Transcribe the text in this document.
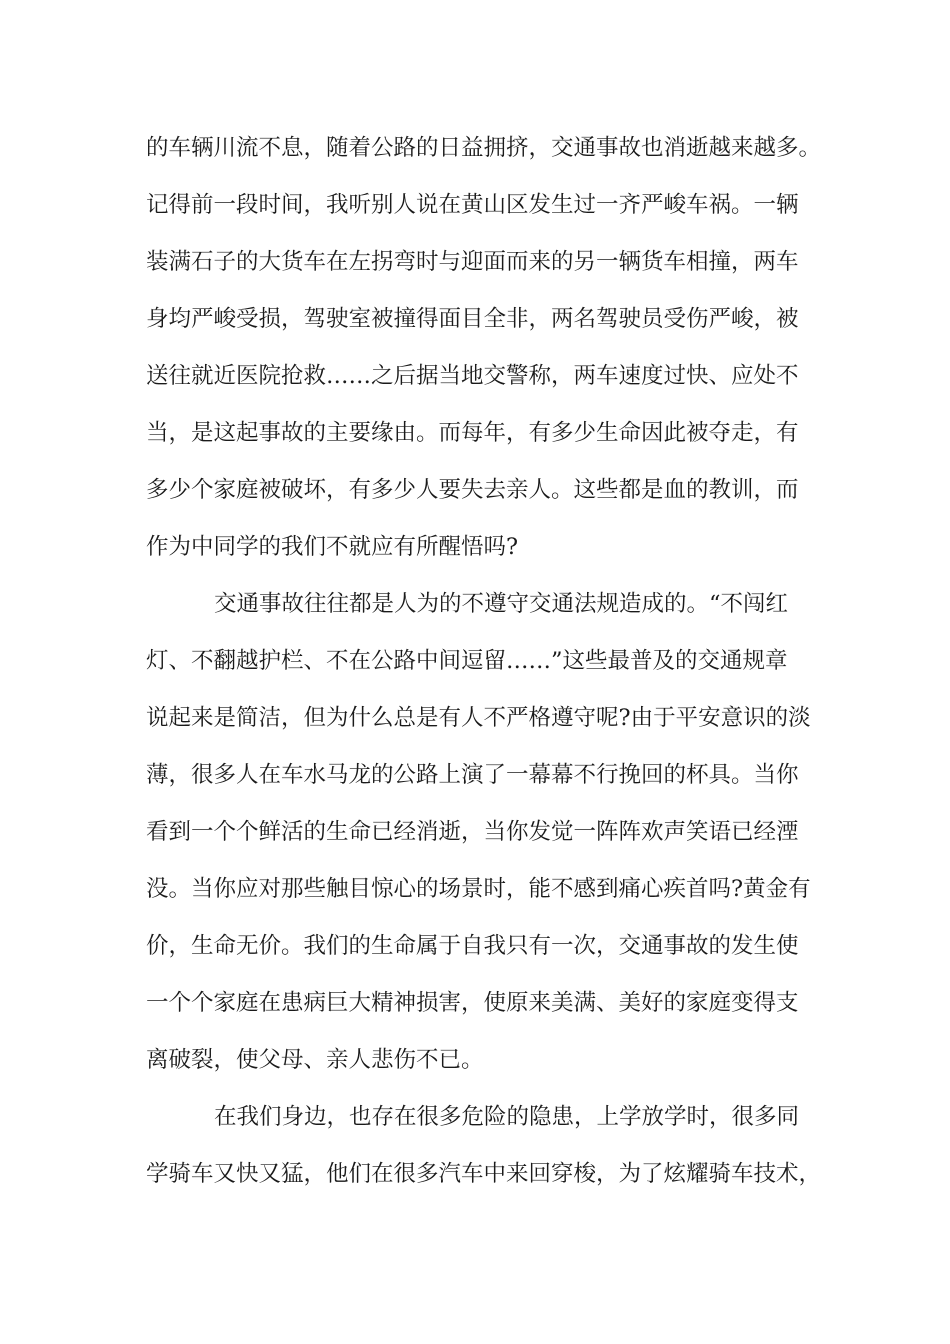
的车辆川流不息，随着公路的日益拥挤，交通事故也消逝越来越多。
记得前一段时间，我听别人说在黄山区发生过一齐严峻车祸。一辆
装满石子的大货车在左拐弯时与迎面而来的另一辆货车相撞，两车
身均严峻受损，驾驶室被撞得面目全非，两名驾驶员受伤严峻，被
送往就近医院抢救……之后据当地交警称，两车速度过快、应处不
当，是这起事故的主要缘由。而每年，有多少生命因此被夺走，有
多少个家庭被破坏，有多少人要失去亲人。这些都是血的教训，而
作为中同学的我们不就应有所醒悟吗?
交通事故往往都是人为的不遵守交通法规造成的。“不闯红
灯、不翻越护栏、不在公路中间逗留……”这些最普及的交通规章
说起来是简洁，但为什么总是有人不严格遵守呢?由于平安意识的淡
薄，很多人在车水马龙的公路上演了一幕幕不行挽回的杯具。当你
看到一个个鲜活的生命已经消逝，当你发觉一阵阵欢声笑语已经湮
没。当你应对那些触目惊心的场景时，能不感到痛心疾首吗?黄金有
价，生命无价。我们的生命属于自我只有一次，交通事故的发生使
一个个家庭在患病巨大精神损害，使原来美满、美好的家庭变得支
离破裂，使父母、亲人悲伤不已。
在我们身边，也存在很多危险的隐患，上学放学时，很多同
学骑车又快又猛，他们在很多汽车中来回穿梭，为了炫耀骑车技术，
